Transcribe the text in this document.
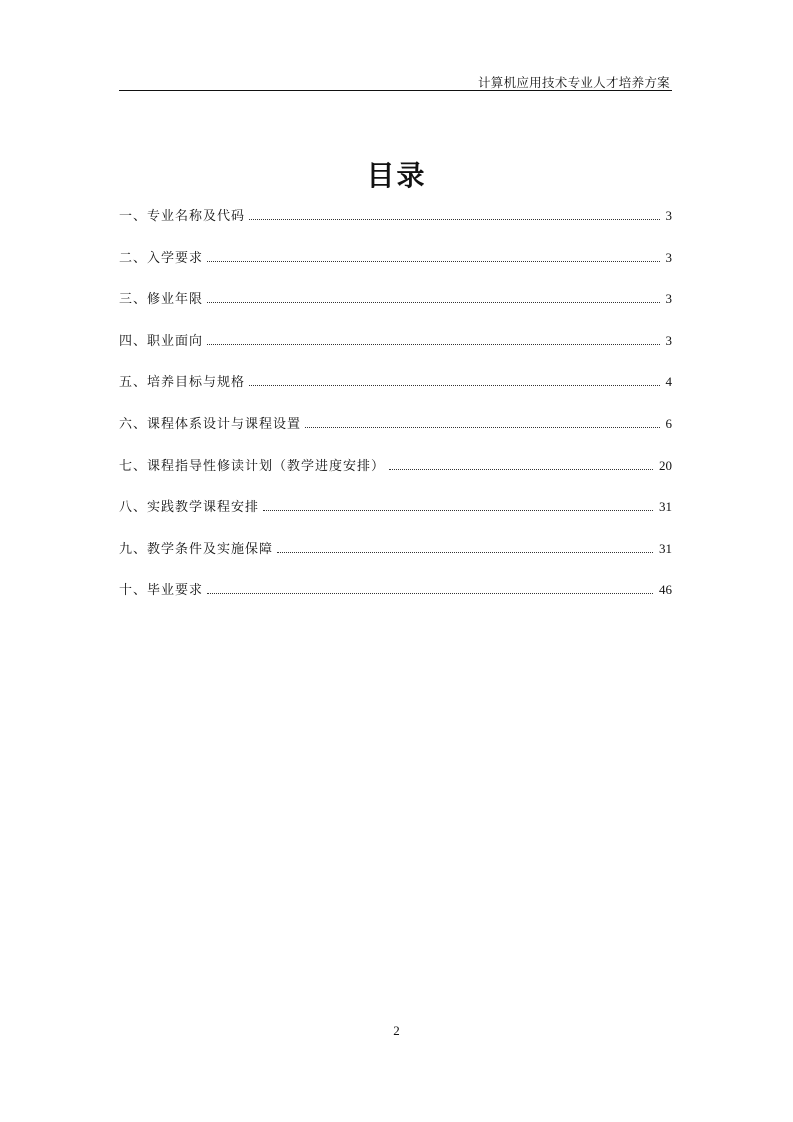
计算机应用技术专业人才培养方案
目录
一、专业名称及代码	3
二、入学要求	3
三、修业年限	3
四、职业面向	3
五、培养目标与规格	4
六、课程体系设计与课程设置	6
七、课程指导性修读计划（教学进度安排）	20
八、实践教学课程安排	31
九、教学条件及实施保障	31
十、毕业要求	46
2
